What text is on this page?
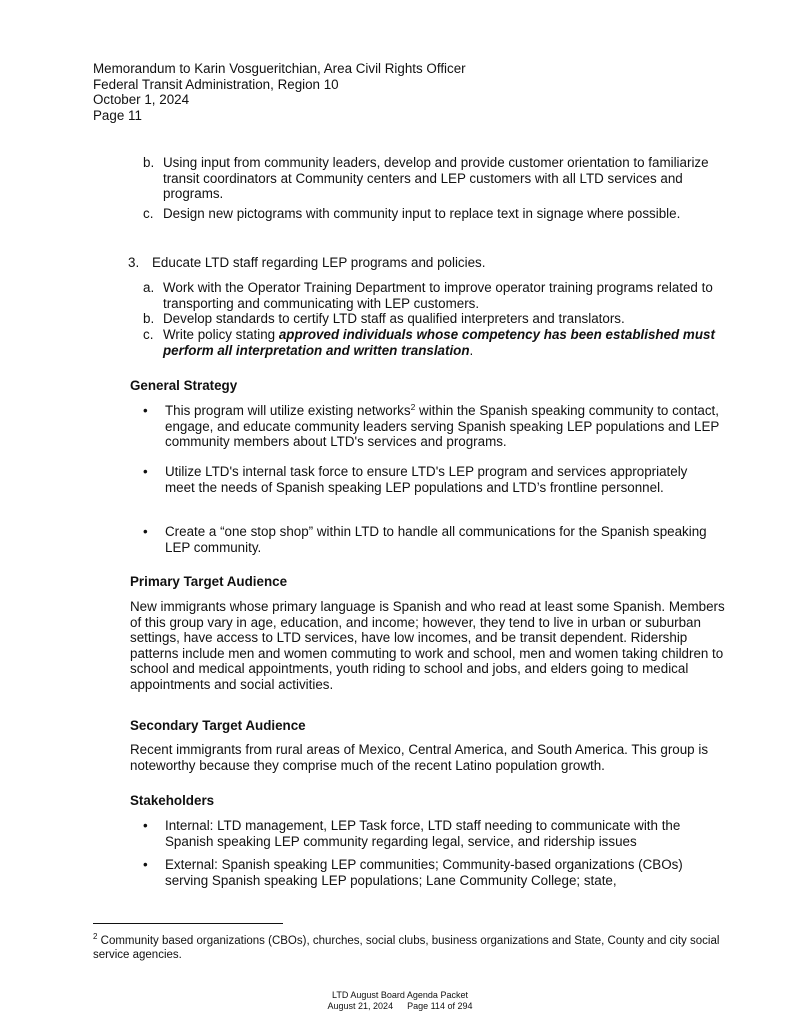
Memorandum to Karin Vosgueritchian, Area Civil Rights Officer
Federal Transit Administration, Region 10
October 1, 2024
Page 11
b. Using input from community leaders, develop and provide customer orientation to familiarize transit coordinators at Community centers and LEP customers with all LTD services and programs.
c. Design new pictograms with community input to replace text in signage where possible.
3. Educate LTD staff regarding LEP programs and policies.
a. Work with the Operator Training Department to improve operator training programs related to transporting and communicating with LEP customers.
b. Develop standards to certify LTD staff as qualified interpreters and translators.
c. Write policy stating approved individuals whose competency has been established must perform all interpretation and written translation.
General Strategy
• This program will utilize existing networks$^2$ within the Spanish speaking community to contact, engage, and educate community leaders serving Spanish speaking LEP populations and LEP community members about LTD's services and programs.
• Utilize LTD's internal task force to ensure LTD's LEP program and services appropriately meet the needs of Spanish speaking LEP populations and LTD’s frontline personnel.
• Create a “one stop shop” within LTD to handle all communications for the Spanish speaking LEP community.
Primary Target Audience
New immigrants whose primary language is Spanish and who read at least some Spanish. Members of this group vary in age, education, and income; however, they tend to live in urban or suburban settings, have access to LTD services, have low incomes, and be transit dependent. Ridership patterns include men and women commuting to work and school, men and women taking children to school and medical appointments, youth riding to school and jobs, and elders going to medical appointments and social activities.
Secondary Target Audience
Recent immigrants from rural areas of Mexico, Central America, and South America. This group is noteworthy because they comprise much of the recent Latino population growth.
Stakeholders
• Internal: LTD management, LEP Task force, LTD staff needing to communicate with the Spanish speaking LEP community regarding legal, service, and ridership issues
• External: Spanish speaking LEP communities; Community-based organizations (CBOs) serving Spanish speaking LEP populations; Lane Community College; state,
$^2$ Community based organizations (CBOs), churches, social clubs, business organizations and State, County and city social service agencies.
LTD August Board Agenda Packet
August 21, 2024 Page 114 of 294
